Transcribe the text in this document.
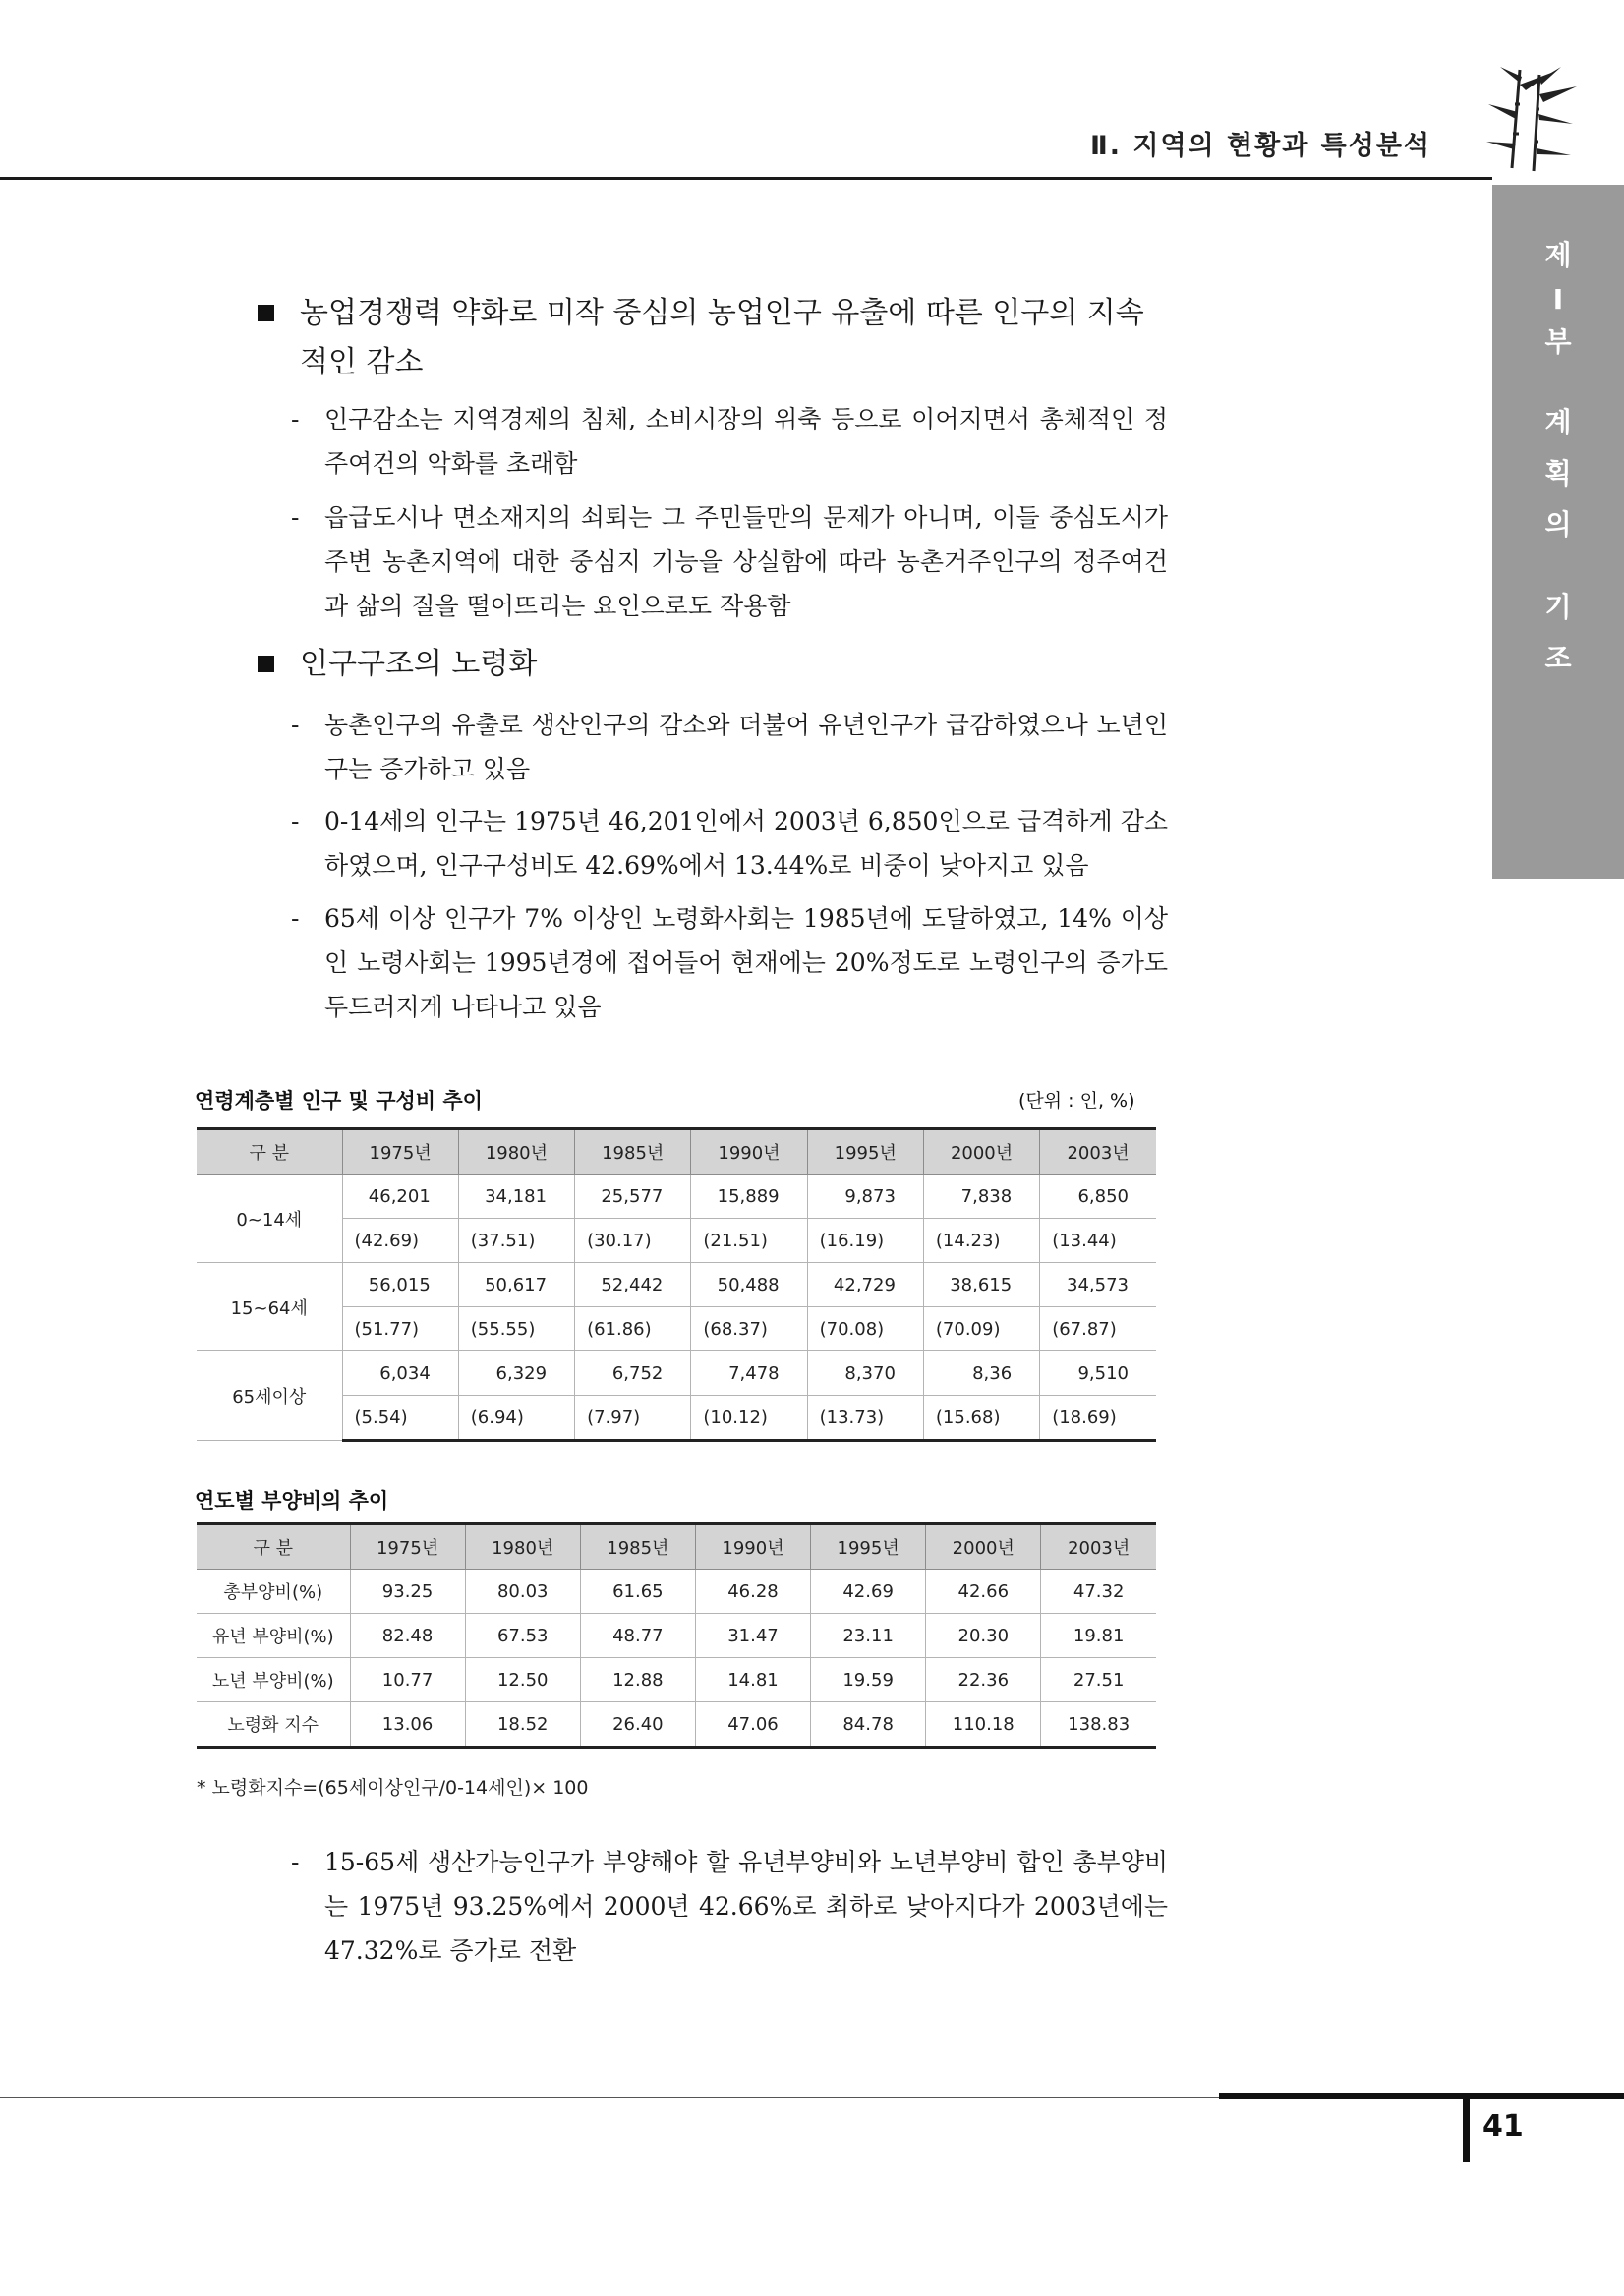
Ⅱ. 지역의 현황과 특성분석
제
Ⅰ
부
계
획
의
기
조
농업경쟁력 약화로 미작 중심의 농업인구 유출에 따른 인구의 지속적인 감소
- 인구감소는 지역경제의 침체, 소비시장의 위축 등으로 이어지면서 총체적인 정주여건의 악화를 초래함
- 읍급도시나 면소재지의 쇠퇴는 그 주민들만의 문제가 아니며, 이들 중심도시가 주변 농촌지역에 대한 중심지 기능을 상실함에 따라 농촌거주인구의 정주여건과 삶의 질을 떨어뜨리는 요인으로도 작용함
인구구조의 노령화
- 농촌인구의 유출로 생산인구의 감소와 더불어 유년인구가 급감하였으나 노년인구는 증가하고 있음
- 0-14세의 인구는 1975년 46,201인에서 2003년 6,850인으로 급격하게 감소하였으며, 인구구성비도 42.69%에서 13.44%로 비중이 낮아지고 있음
- 65세 이상 인구가 7% 이상인 노령화사회는 1985년에 도달하였고, 14% 이상인 노령사회는 1995년경에 접어들어 현재에는 20%정도로 노령인구의 증가도 두드러지게 나타나고 있음
연령계층별 인구 및 구성비 추이	(단위 : 인, %)
구 분	1975년	1980년	1985년	1990년	1995년	2000년	2003년
0~14세	46,201	34,181	25,577	15,889	9,873	7,838	6,850
	(42.69)	(37.51)	(30.17)	(21.51)	(16.19)	(14.23)	(13.44)
15~64세	56,015	50,617	52,442	50,488	42,729	38,615	34,573
	(51.77)	(55.55)	(61.86)	(68.37)	(70.08)	(70.09)	(67.87)
65세이상	6,034	6,329	6,752	7,478	8,370	8,36	9,510
	(5.54)	(6.94)	(7.97)	(10.12)	(13.73)	(15.68)	(18.69)
연도별 부양비의 추이
구 분	1975년	1980년	1985년	1990년	1995년	2000년	2003년
총부양비(%)	93.25	80.03	61.65	46.28	42.69	42.66	47.32
유년 부양비(%)	82.48	67.53	48.77	31.47	23.11	20.30	19.81
노년 부양비(%)	10.77	12.50	12.88	14.81	19.59	22.36	27.51
노령화 지수	13.06	18.52	26.40	47.06	84.78	110.18	138.83
* 노령화지수=(65세이상인구/0-14세인)× 100
- 15-65세 생산가능인구가 부양해야 할 유년부양비와 노년부양비 합인 총부양비는 1975년 93.25%에서 2000년 42.66%로 최하로 낮아지다가 2003년에는 47.32%로 증가로 전환
41
